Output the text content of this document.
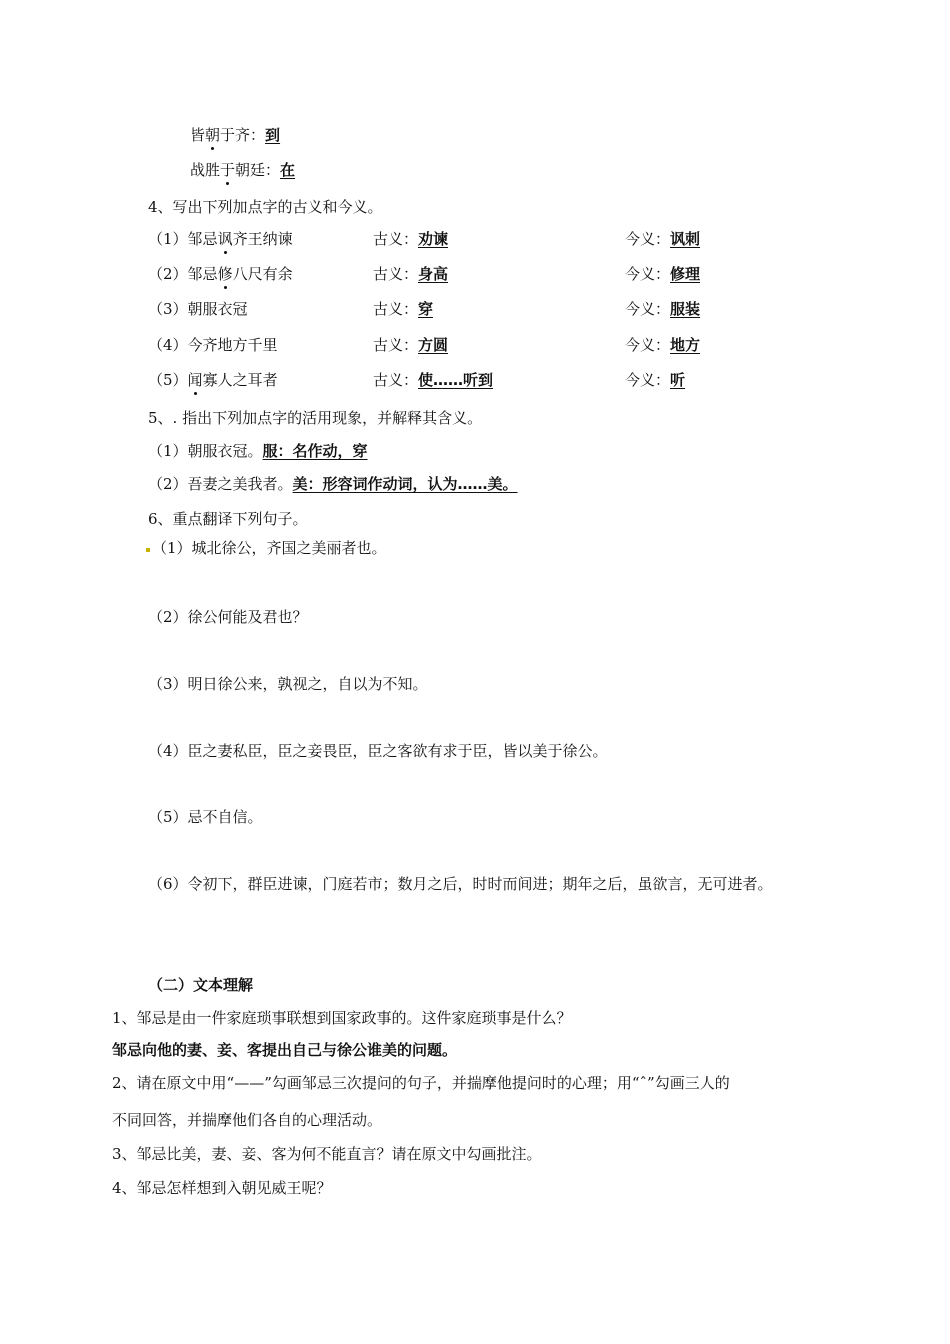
皆朝于齐：到
战胜于朝廷：在
4、写出下列加点字的古义和今义。
（1）邹忌讽齐王纳谏	古义：劝谏	今义：讽刺
（2）邹忌修八尺有余	古义：身高	今义：修理
（3）朝服衣冠	古义：穿	今义：服装
（4）今齐地方千里	古义：方圆	今义：地方
（5）闻寡人之耳者	古义：使……听到	今义：听
5、. 指出下列加点字的活用现象，并解释其含义。
（1）朝服衣冠。服：名作动，穿
（2）吾妻之美我者。美：形容词作动词，认为……美。
6、重点翻译下列句子。
（1）城北徐公，齐国之美丽者也。
（2）徐公何能及君也？
（3）明日徐公来，孰视之，自以为不知。
（4）臣之妻私臣，臣之妾畏臣，臣之客欲有求于臣，皆以美于徐公。
（5）忌不自信。
（6）令初下，群臣进谏，门庭若市；数月之后，时时而间进；期年之后，虽欲言，无可进者。
（二）文本理解
1、邹忌是由一件家庭琐事联想到国家政事的。这件家庭琐事是什么？
邹忌向他的妻、妾、客提出自己与徐公谁美的问题。
2、请在原文中用“——”勾画邹忌三次提问的句子，并揣摩他提问时的心理；用“ˆ”勾画三人的
不同回答，并揣摩他们各自的心理活动。
3、邹忌比美，妻、妾、客为何不能直言？请在原文中勾画批注。
4、邹忌怎样想到入朝见威王呢？
